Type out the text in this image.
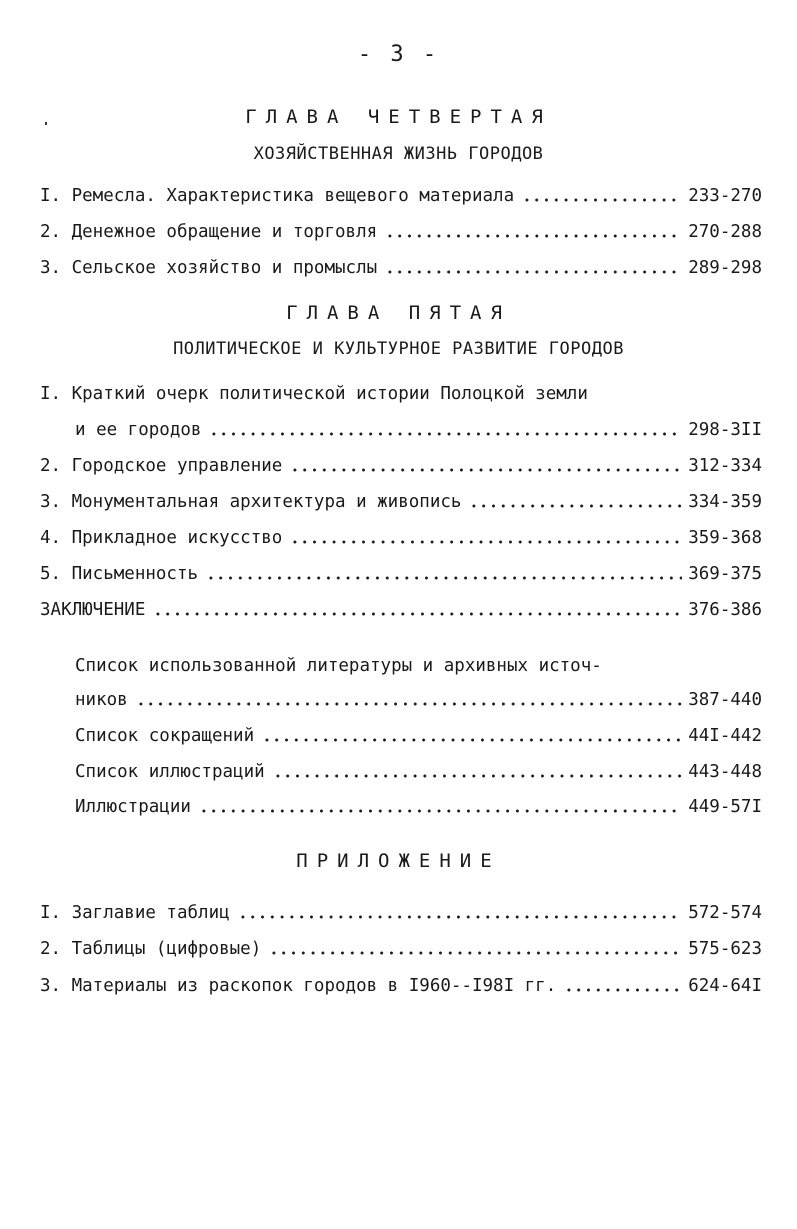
- 3 -
ГЛАВА ЧЕТВЕРТАЯ
ХОЗЯЙСТВЕННАЯ ЖИЗНЬ ГОРОДОВ
I. Ремесла. Характеристика вещевого материала	233-270
2. Денежное обращение и торговля	270-288
3. Сельское хозяйство и промыслы	289-298
ГЛАВА ПЯТАЯ
ПОЛИТИЧЕСКОЕ И КУЛЬТУРНОЕ РАЗВИТИЕ ГОРОДОВ
I. Краткий очерк политической истории Полоцкой земли
и ее городов	298-3II
2. Городское управление	312-334
3. Монументальная архитектура и живопись	334-359
4. Прикладное искусство	359-368
5. Письменность	369-375
ЗАКЛЮЧЕНИЕ	376-386
Список использованной литературы и архивных источ-
ников	387-440
Список сокращений	44I-442
Список иллюстраций	443-448
Иллюстрации	449-57I
ПРИЛОЖЕНИЕ
I. Заглавие таблиц	572-574
2. Таблицы (цифровые)	575-623
3. Материалы из раскопок городов в I960--I98I гг.	624-64I
